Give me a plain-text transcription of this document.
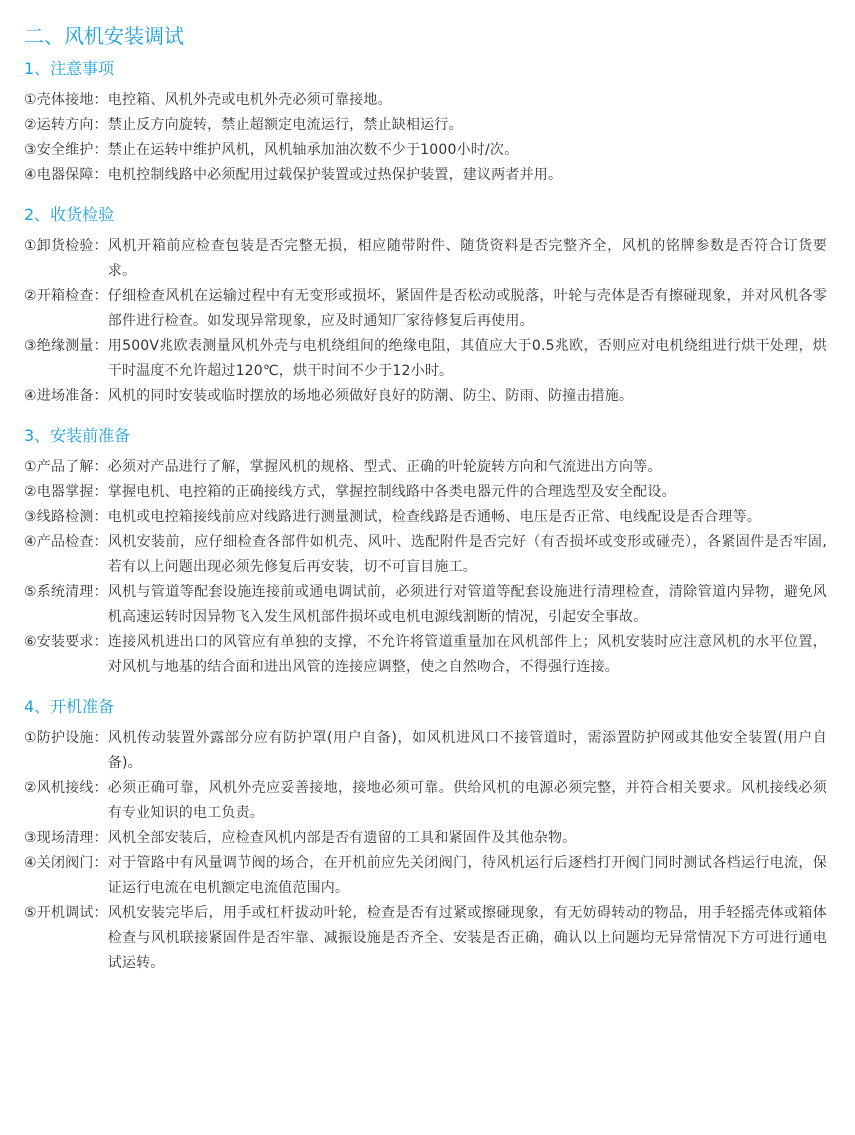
二、风机安装调试
1、注意事项
①壳体接地： 电控箱、风机外壳或电机外壳必须可靠接地。
②运转方向： 禁止反方向旋转，禁止超额定电流运行，禁止缺相运行。
③安全维护： 禁止在运转中维护风机，风机轴承加油次数不少于1000小时/次。
④电器保障： 电机控制线路中必须配用过载保护装置或过热保护装置，建议两者并用。
2、收货检验
①卸货检验： 风机开箱前应检查包装是否完整无损，相应随带附件、随货资料是否完整齐全，风机的铭牌参数是否符合订货要求。
②开箱检查： 仔细检查风机在运输过程中有无变形或损坏，紧固件是否松动或脱落，叶轮与壳体是否有擦碰现象，并对风机各零部件进行检查。如发现异常现象，应及时通知厂家待修复后再使用。
③绝缘测量： 用500V兆欧表测量风机外壳与电机绕组间的绝缘电阻，其值应大于0.5兆欧，否则应对电机绕组进行烘干处理，烘干时温度不允许超过120℃，烘干时间不少于12小时。
④进场准备： 风机的同时安装或临时摆放的场地必须做好良好的防潮、防尘、防雨、防撞击措施。
3、安装前准备
①产品了解： 必须对产品进行了解，掌握风机的规格、型式、正确的叶轮旋转方向和气流进出方向等。
②电器掌握： 掌握电机、电控箱的正确接线方式，掌握控制线路中各类电器元件的合理选型及安全配设。
③线路检测： 电机或电控箱接线前应对线路进行测量测试，检查线路是否通畅、电压是否正常、电线配设是否合理等。
④产品检查： 风机安装前，应仔细检查各部件如机壳、风叶、选配附件是否完好（有否损坏或变形或碰壳），各紧固件是否牢固,若有以上问题出现必须先修复后再安装，切不可盲目施工。
⑤系统清理： 风机与管道等配套设施连接前或通电调试前，必须进行对管道等配套设施进行清理检查，清除管道内异物，避免风机高速运转时因异物飞入发生风机部件损坏或电机电源线割断的情况，引起安全事故。
⑥安装要求： 连接风机进出口的风管应有单独的支撑，不允许将管道重量加在风机部件上；风机安装时应注意风机的水平位置，对风机与地基的结合面和进出风管的连接应调整，使之自然吻合，不得强行连接。
4、开机准备
①防护设施： 风机传动装置外露部分应有防护罩(用户自备)，如风机进风口不接管道时，需添置防护网或其他安全装置(用户自备)。
②风机接线： 必须正确可靠，风机外壳应妥善接地，接地必须可靠。供给风机的电源必须完整，并符合相关要求。风机接线必须有专业知识的电工负责。
③现场清理： 风机全部安装后，应检查风机内部是否有遗留的工具和紧固件及其他杂物。
④关闭阀门： 对于管路中有风量调节阀的场合，在开机前应先关闭阀门，待风机运行后逐档打开阀门同时测试各档运行电流，保证运行电流在电机额定电流值范围内。
⑤开机调试： 风机安装完毕后，用手或杠杆拔动叶轮，检查是否有过紧或擦碰现象，有无妨碍转动的物品，用手轻摇壳体或箱体检查与风机联接紧固件是否牢靠、减振设施是否齐全、安装是否正确，确认以上问题均无异常情况下方可进行通电试运转。
